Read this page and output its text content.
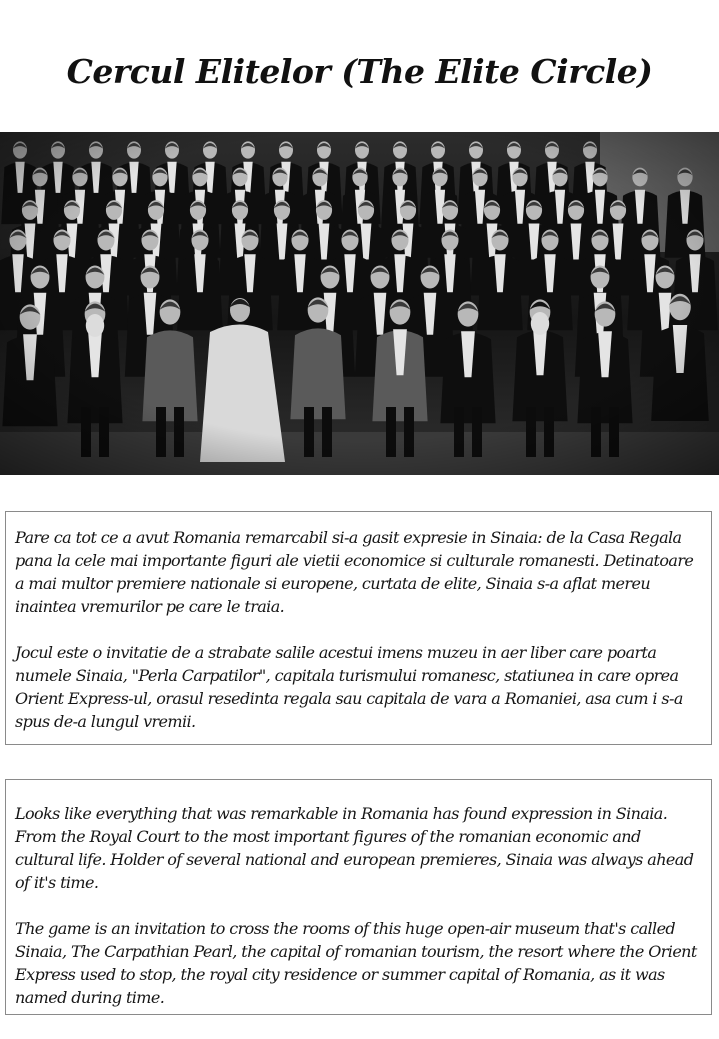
Cercul Elitelor (The Elite Circle)

Pare ca tot ce a avut Romania remarcabil si-a gasit expresie in Sinaia: de la Casa Regala pana la cele mai importante figuri ale vietii economice si culturale romanesti. Detinatoare a mai multor premiere nationale si europene, curtata de elite, Sinaia s-a aflat mereu inaintea vremurilor pe care le traia.

Jocul este o invitatie de a strabate salile acestui imens muzeu in aer liber care poarta numele Sinaia, "Perla Carpatilor", capitala turismului romanesc, statiunea in care oprea Orient Express-ul, orasul resedinta regala sau capitala de vara a Romaniei, asa cum i s-a spus de-a lungul vremii.

Looks like everything that was remarkable in Romania has found expression in Sinaia. From the Royal Court to the most important figures of the romanian economic and cultural life. Holder of several national and european premieres, Sinaia was always ahead of it's time.

The game is an invitation to cross the rooms of this huge open-air museum that's called Sinaia, The Carpathian Pearl, the capital of romanian tourism, the resort where the Orient Express used to stop, the royal city residence or summer capital of Romania, as it was named during time.
